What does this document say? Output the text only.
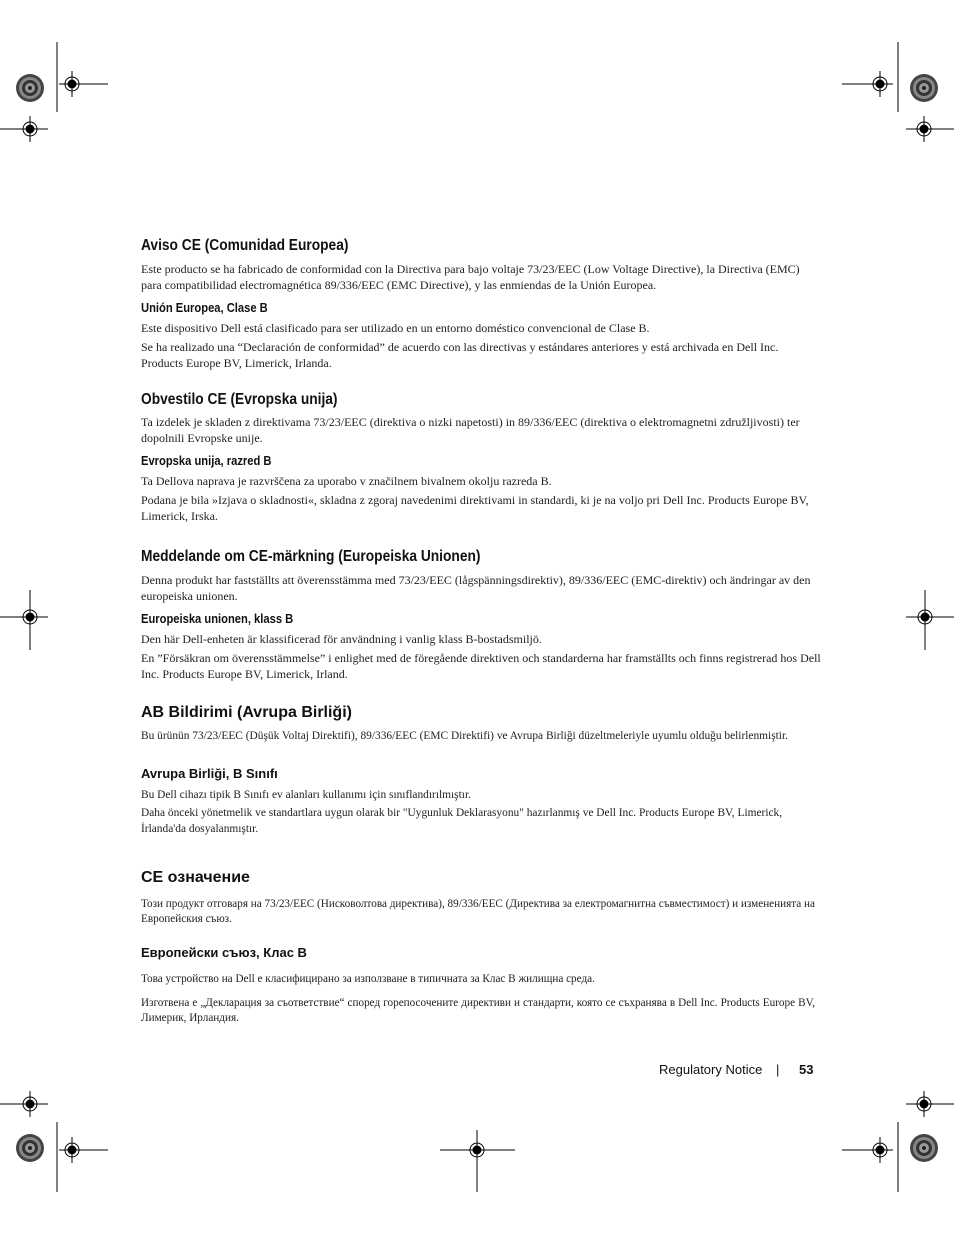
Aviso CE (Comunidad Europea)

Este producto se ha fabricado de conformidad con la Directiva para bajo voltaje 73/23/EEC (Low Voltage Directive), la Directiva (EMC) para compatibilidad electromagnética 89/336/EEC (EMC Directive), y las enmiendas de la Unión Europea.

Unión Europea, Clase B

Este dispositivo Dell está clasificado para ser utilizado en un entorno doméstico convencional de Clase B.

Se ha realizado una “Declaración de conformidad” de acuerdo con las directivas y estándares anteriores y está archivada en Dell Inc. Products Europe BV, Limerick, Irlanda.

Obvestilo CE (Evropska unija)

Ta izdelek je skladen z direktivama 73/23/EEC (direktiva o nizki napetosti) in 89/336/EEC (direktiva o elektromagnetni združljivosti) ter dopolnili Evropske unije.

Evropska unija, razred B

Ta Dellova naprava je razvrščena za uporabo v značilnem bivalnem okolju razreda B.

Podana je bila »Izjava o skladnosti«, skladna z zgoraj navedenimi direktivami in standardi, ki je na voljo pri Dell Inc. Products Europe BV, Limerick, Irska.

Meddelande om CE-märkning (Europeiska Unionen)

Denna produkt har fastställts att överensstämma med 73/23/EEC (lågspänningsdirektiv), 89/336/EEC (EMC-direktiv) och ändringar av den europeiska unionen.

Europeiska unionen, klass B

Den här Dell-enheten är klassificerad för användning i vanlig klass B-bostadsmiljö.

En ”Försäkran om överensstämmelse” i enlighet med de föregående direktiven och standarderna har framställts och finns registrerad hos Dell Inc. Products Europe BV, Limerick, Irland.

AB Bildirimi (Avrupa Birliği)

Bu ürünün 73/23/EEC (Düşük Voltaj Direktifi), 89/336/EEC (EMC Direktifi) ve Avrupa Birliği düzeltmeleriyle uyumlu olduğu belirlenmiştir.

Avrupa Birliği, B Sınıfı

Bu Dell cihazı tipik B Sınıfı ev alanları kullanımı için sınıflandırılmıştır.

Daha önceki yönetmelik ve standartlara uygun olarak bir "Uygunluk Deklarasyonu" hazırlanmış ve Dell Inc. Products Europe BV, Limerick, İrlanda'da dosyalanmıştır.

CE означение

Този продукт отговаря на 73/23/EEC (Нисковолтова директива), 89/336/EEC (Директива за електромагнитна съвместимост) и измененията на Европейския съюз.

Европейски съюз, Клас B

Това устройство на Dell е класифицирано за използване в типичната за Клас B жилищна среда.

Изготвена е „Декларация за съответствие“ според горепосочените директиви и стандарти, която се съхранява в Dell Inc. Products Europe BV, Лимерик, Ирландия.

Regulatory Notice | 53
